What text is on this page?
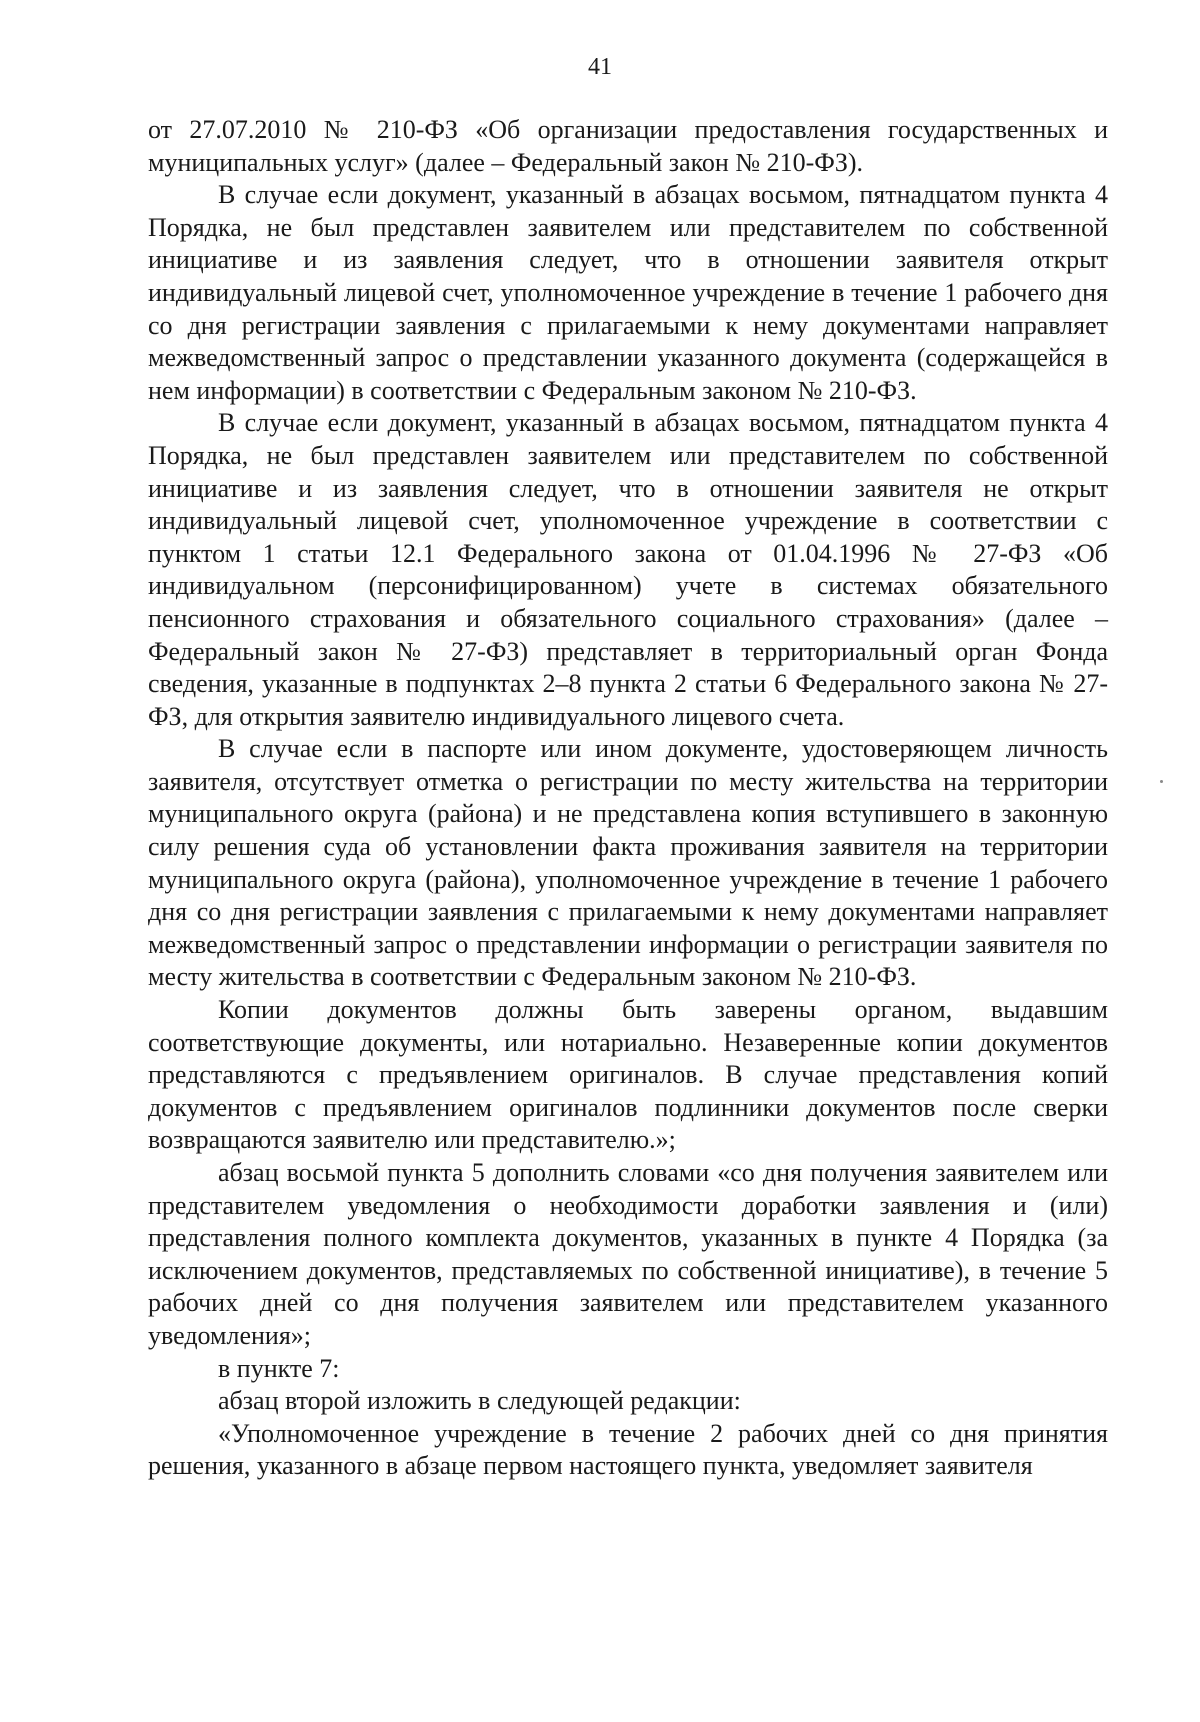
41

от 27.07.2010 № 210-ФЗ «Об организации предоставления государственных и муниципальных услуг» (далее – Федеральный закон № 210-ФЗ).

В случае если документ, указанный в абзацах восьмом, пятнадцатом пункта 4 Порядка, не был представлен заявителем или представителем по собственной инициативе и из заявления следует, что в отношении заявителя открыт индивидуальный лицевой счет, уполномоченное учреждение в течение 1 рабочего дня со дня регистрации заявления с прилагаемыми к нему документами направляет межведомственный запрос о представлении указанного документа (содержащейся в нем информации) в соответствии с Федеральным законом № 210-ФЗ.

В случае если документ, указанный в абзацах восьмом, пятнадцатом пункта 4 Порядка, не был представлен заявителем или представителем по собственной инициативе и из заявления следует, что в отношении заявителя не открыт индивидуальный лицевой счет, уполномоченное учреждение в соответствии с пунктом 1 статьи 12.1 Федерального закона от 01.04.1996 № 27-ФЗ «Об индивидуальном (персонифицированном) учете в системах обязательного пенсионного страхования и обязательного социального страхования» (далее – Федеральный закон № 27-ФЗ) представляет в территориальный орган Фонда сведения, указанные в подпунктах 2–8 пункта 2 статьи 6 Федерального закона № 27-ФЗ, для открытия заявителю индивидуального лицевого счета.

В случае если в паспорте или ином документе, удостоверяющем личность заявителя, отсутствует отметка о регистрации по месту жительства на территории муниципального округа (района) и не представлена копия вступившего в законную силу решения суда об установлении факта проживания заявителя на территории муниципального округа (района), уполномоченное учреждение в течение 1 рабочего дня со дня регистрации заявления с прилагаемыми к нему документами направляет межведомственный запрос о представлении информации о регистрации заявителя по месту жительства в соответствии с Федеральным законом № 210-ФЗ.

Копии документов должны быть заверены органом, выдавшим соответствующие документы, или нотариально. Незаверенные копии документов представляются с предъявлением оригиналов. В случае представления копий документов с предъявлением оригиналов подлинники документов после сверки возвращаются заявителю или представителю.»;

абзац восьмой пункта 5 дополнить словами «со дня получения заявителем или представителем уведомления о необходимости доработки заявления и (или) представления полного комплекта документов, указанных в пункте 4 Порядка (за исключением документов, представляемых по собственной инициативе), в течение 5 рабочих дней со дня получения заявителем или представителем указанного уведомления»;

в пункте 7:

абзац второй изложить в следующей редакции:

«Уполномоченное учреждение в течение 2 рабочих дней со дня принятия решения, указанного в абзаце первом настоящего пункта, уведомляет заявителя
